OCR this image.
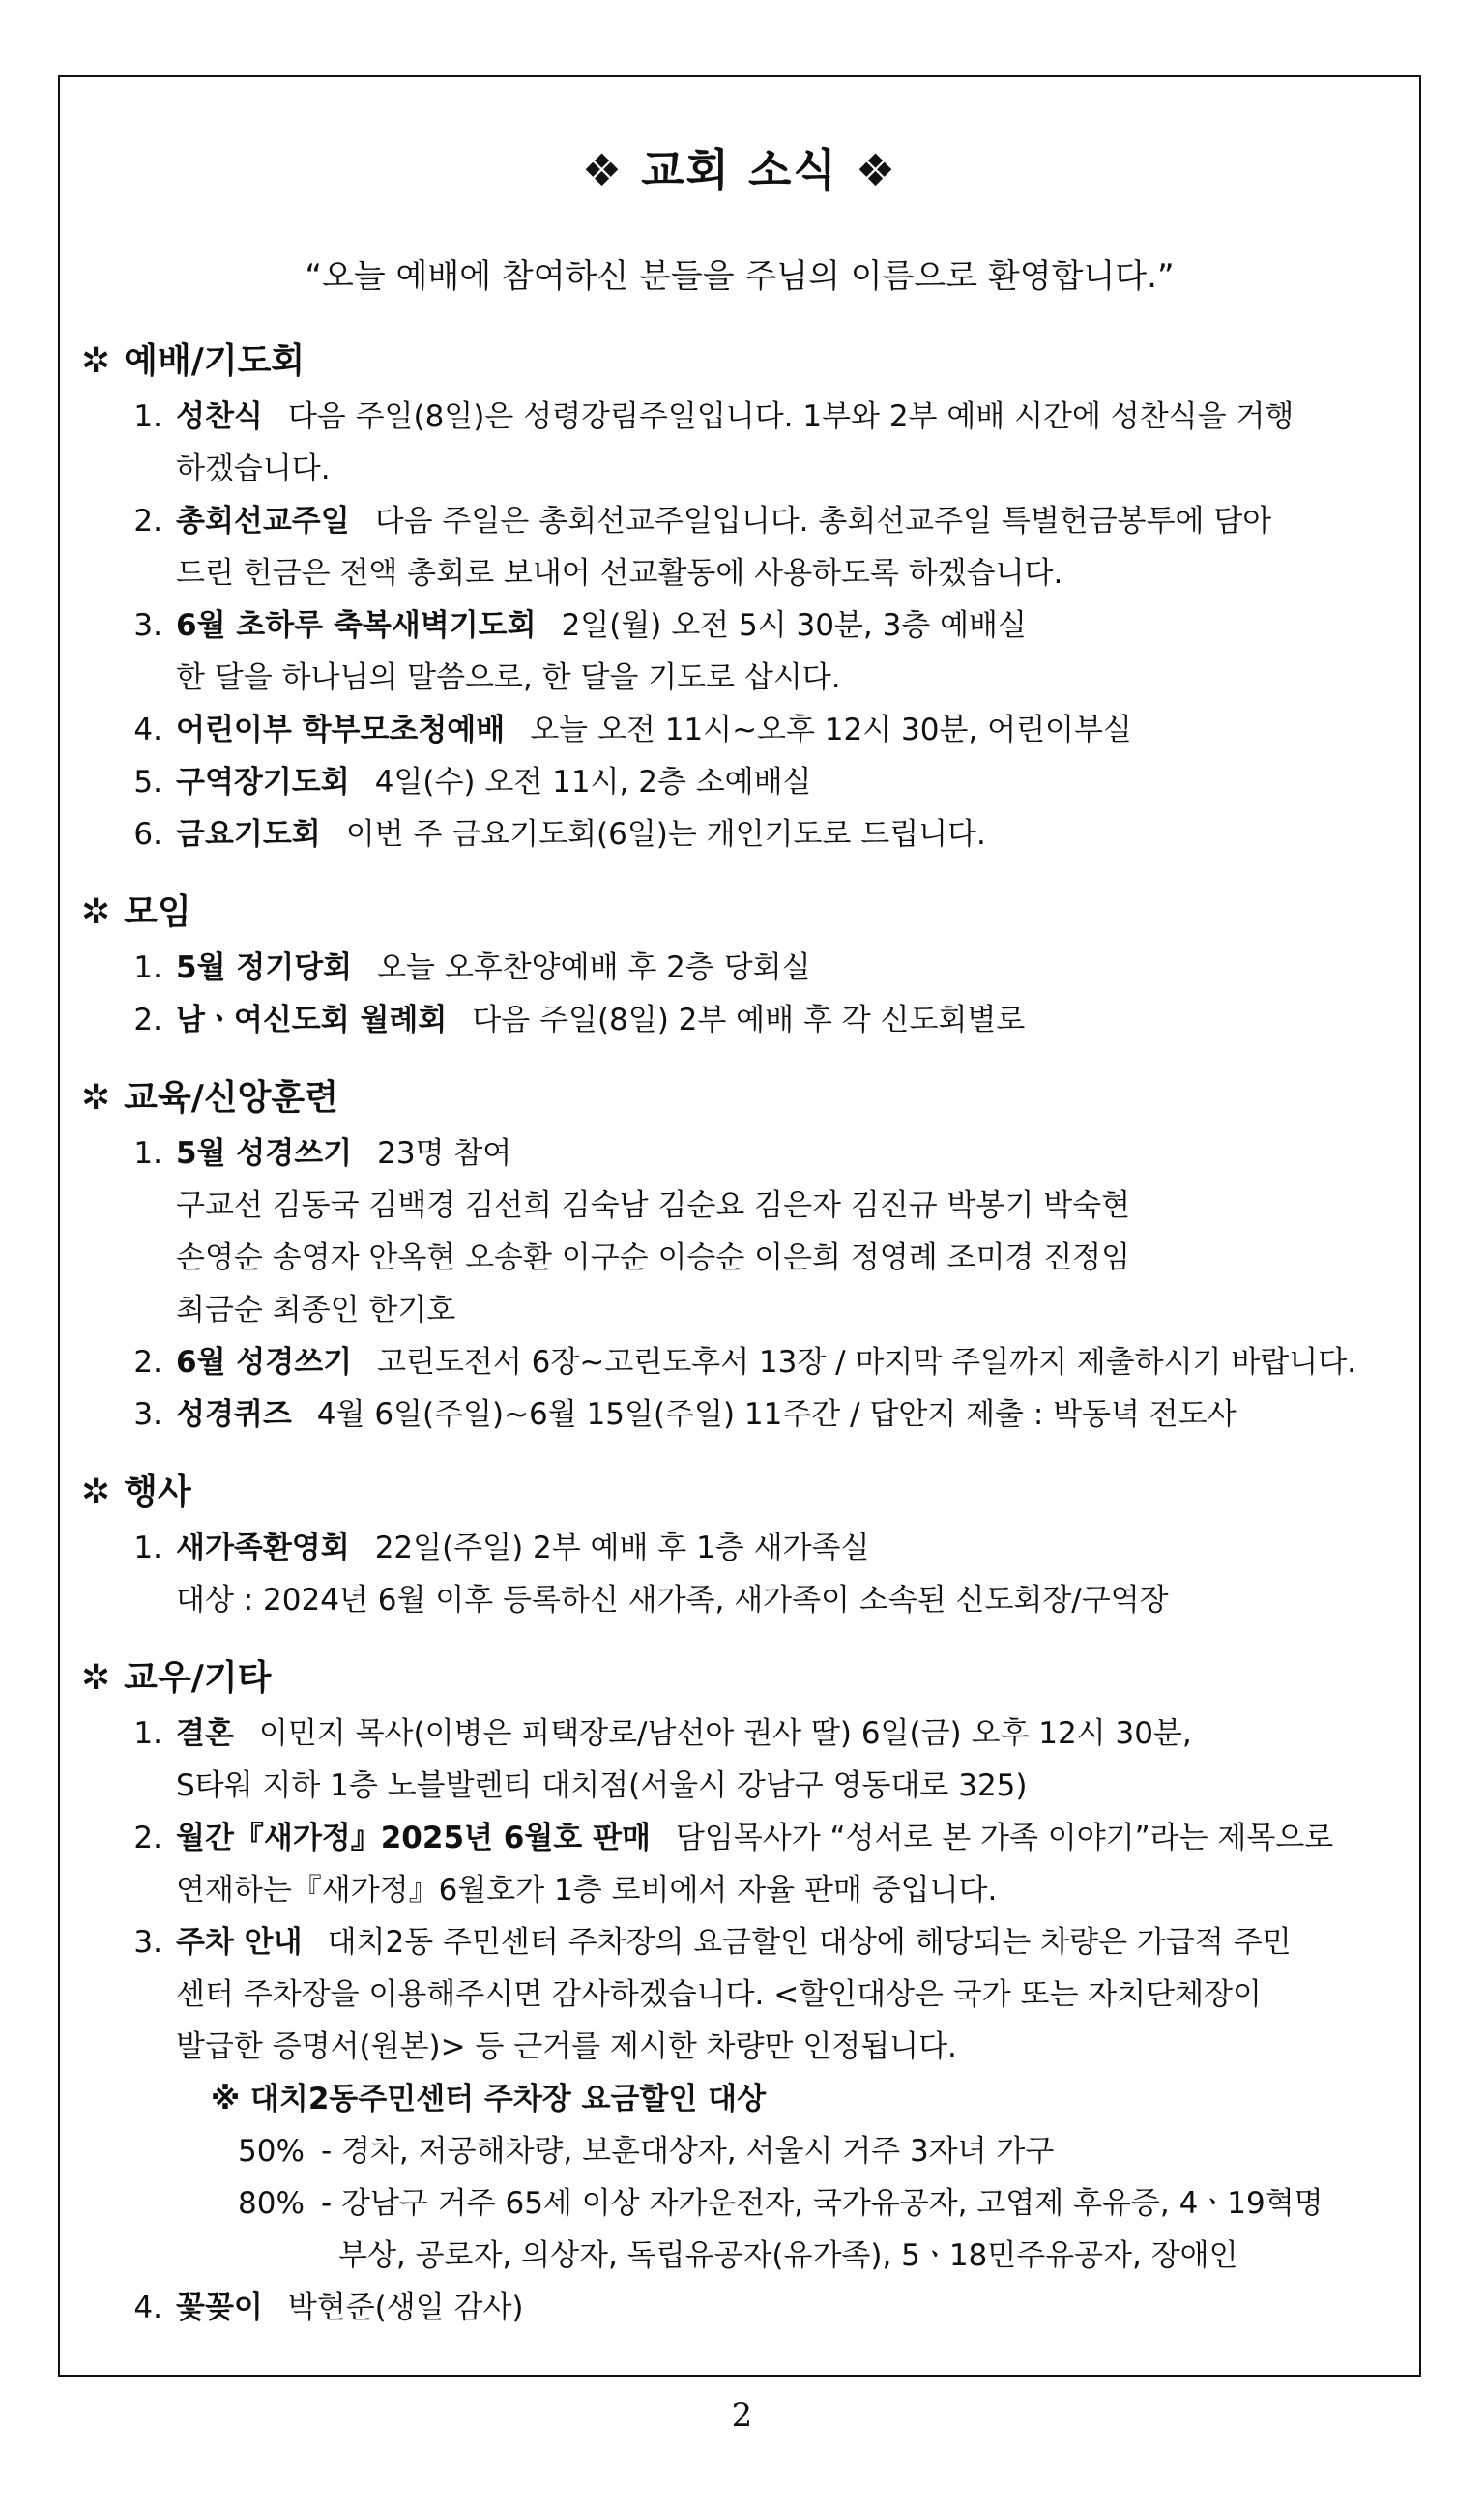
❖ 교회 소식 ❖
“오늘 예배에 참여하신 분들을 주님의 이름으로 환영합니다.”
✲ 예배/기도회
1. 성찬식 다음 주일(8일)은 성령강림주일입니다. 1부와 2부 예배 시간에 성찬식을 거행
하겠습니다.
2. 총회선교주일 다음 주일은 총회선교주일입니다. 총회선교주일 특별헌금봉투에 담아
드린 헌금은 전액 총회로 보내어 선교활동에 사용하도록 하겠습니다.
3. 6월 초하루 축복새벽기도회 2일(월) 오전 5시 30분, 3층 예배실
한 달을 하나님의 말씀으로, 한 달을 기도로 삽시다.
4. 어린이부 학부모초청예배 오늘 오전 11시~오후 12시 30분, 어린이부실
5. 구역장기도회 4일(수) 오전 11시, 2층 소예배실
6. 금요기도회 이번 주 금요기도회(6일)는 개인기도로 드립니다.
✲ 모임
1. 5월 정기당회 오늘 오후찬양예배 후 2층 당회실
2. 남ㆍ여신도회 월례회 다음 주일(8일) 2부 예배 후 각 신도회별로
✲ 교육/신앙훈련
1. 5월 성경쓰기 23명 참여
구교선 김동국 김백경 김선희 김숙남 김순요 김은자 김진규 박봉기 박숙현
손영순 송영자 안옥현 오송환 이구순 이승순 이은희 정영례 조미경 진정임
최금순 최종인 한기호
2. 6월 성경쓰기 고린도전서 6장~고린도후서 13장 / 마지막 주일까지 제출하시기 바랍니다.
3. 성경퀴즈 4월 6일(주일)~6월 15일(주일) 11주간 / 답안지 제출 : 박동녁 전도사
✲ 행사
1. 새가족환영회 22일(주일) 2부 예배 후 1층 새가족실
대상 : 2024년 6월 이후 등록하신 새가족, 새가족이 소속된 신도회장/구역장
✲ 교우/기타
1. 결혼 이민지 목사(이병은 피택장로/남선아 권사 딸) 6일(금) 오후 12시 30분,
S타워 지하 1층 노블발렌티 대치점(서울시 강남구 영동대로 325)
2. 월간『새가정』2025년 6월호 판매 담임목사가 “성서로 본 가족 이야기”라는 제목으로
연재하는『새가정』6월호가 1층 로비에서 자율 판매 중입니다.
3. 주차 안내 대치2동 주민센터 주차장의 요금할인 대상에 해당되는 차량은 가급적 주민
센터 주차장을 이용해주시면 감사하겠습니다. <할인대상은 국가 또는 자치단체장이
발급한 증명서(원본)> 등 근거를 제시한 차량만 인정됩니다.
※ 대치2동주민센터 주차장 요금할인 대상
50% - 경차, 저공해차량, 보훈대상자, 서울시 거주 3자녀 가구
80% - 강남구 거주 65세 이상 자가운전자, 국가유공자, 고엽제 후유증, 4ㆍ19혁명
부상, 공로자, 의상자, 독립유공자(유가족), 5ㆍ18민주유공자, 장애인
4. 꽃꽂이 박현준(생일 감사)
2
